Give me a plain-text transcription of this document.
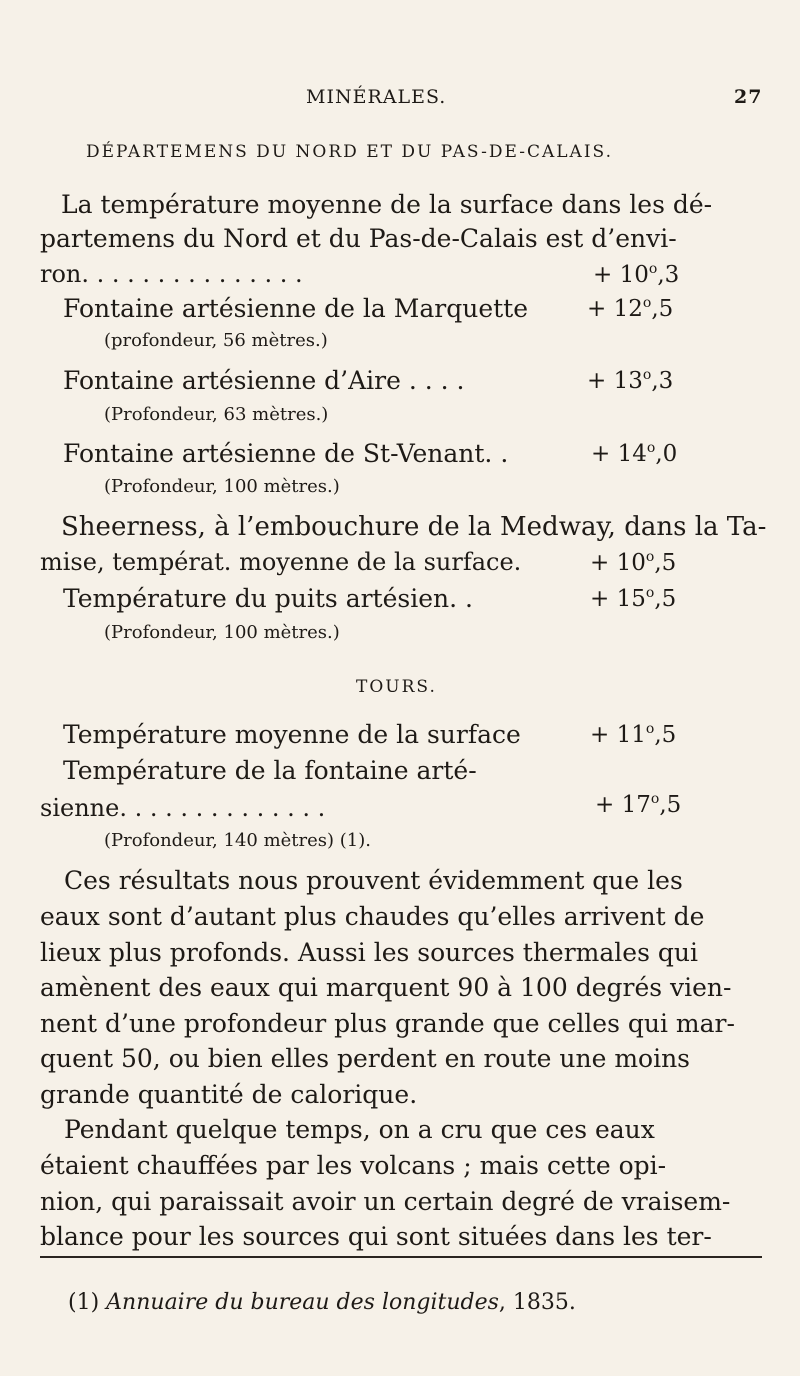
MINÉRALES.	27
DÉPARTEMENS DU NORD ET DU PAS-DE-CALAIS.
La température moyenne de la surface dans les dé-
partemens du Nord et du Pas-de-Calais est d’envi-
ron. . . . . . . . . . . . . . .	+ $10^o,3$
Fontaine artésienne de la Marquette	+ $12^o,5$
(profondeur, 56 mètres.)
Fontaine artésienne d’Aire . . . .	+ $13^o,3$
(Profondeur, 63 mètres.)
Fontaine artésienne de St-Venant. .	+ $14^o,0$
(Profondeur, 100 mètres.)
Sheerness, à l’embouchure de la Medway, dans la Ta-
mise, températ. moyenne de la surface.	+ $10^o,5$
Température du puits artésien. .	+ $15^o,5$
(Profondeur, 100 mètres.)
TOURS.
Température moyenne de la surface	+ $11^o,5$
Température de la fontaine arté-
sienne. . . . . . . . . . . . . .	+ $17^o,5$
(Profondeur, 140 mètres) (1).
Ces résultats nous prouvent évidemment que les
eaux sont d’autant plus chaudes qu’elles arrivent de
lieux plus profonds. Aussi les sources thermales qui
amènent des eaux qui marquent 90 à 100 degrés vien-
nent d’une profondeur plus grande que celles qui mar-
quent 50, ou bien elles perdent en route une moins
grande quantité de calorique.
Pendant quelque temps, on a cru que ces eaux
étaient chauffées par les volcans ; mais cette opi-
nion, qui paraissait avoir un certain degré de vraisem-
blance pour les sources qui sont situées dans les ter-
(1) Annuaire du bureau des longitudes, 1835.
